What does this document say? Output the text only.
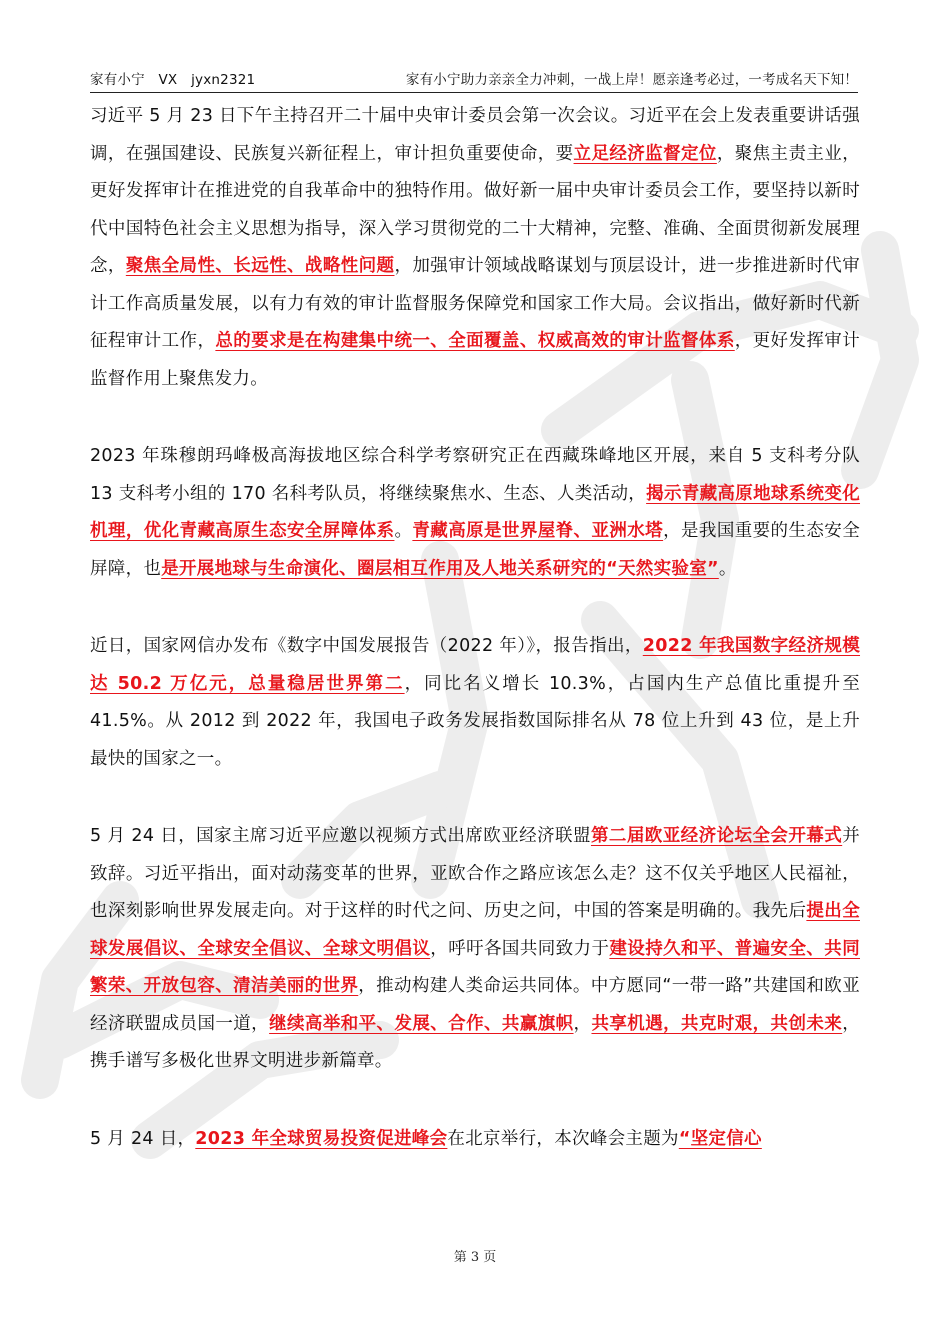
家有小宁　VX　jyxn2321	家有小宁助力亲亲全力冲刺，一战上岸！愿亲逢考必过，一考成名天下知！

习近平 5 月 23 日下午主持召开二十届中央审计委员会第一次会议。习近平在会上发表重要讲话强调，在强国建设、民族复兴新征程上，审计担负重要使命，要立足经济监督定位，聚焦主责主业，更好发挥审计在推进党的自我革命中的独特作用。做好新一届中央审计委员会工作，要坚持以新时代中国特色社会主义思想为指导，深入学习贯彻党的二十大精神，完整、准确、全面贯彻新发展理念，聚焦全局性、长远性、战略性问题，加强审计领域战略谋划与顶层设计，进一步推进新时代审计工作高质量发展，以有力有效的审计监督服务保障党和国家工作大局。会议指出，做好新时代新征程审计工作，总的要求是在构建集中统一、全面覆盖、权威高效的审计监督体系，更好发挥审计监督作用上聚焦发力。

2023 年珠穆朗玛峰极高海拔地区综合科学考察研究正在西藏珠峰地区开展，来自 5 支科考分队 13 支科考小组的 170 名科考队员，将继续聚焦水、生态、人类活动，揭示青藏高原地球系统变化机理，优化青藏高原生态安全屏障体系。青藏高原是世界屋脊、亚洲水塔，是我国重要的生态安全屏障，也是开展地球与生命演化、圈层相互作用及人地关系研究的“天然实验室”。

近日，国家网信办发布《数字中国发展报告（2022 年）》，报告指出，2022 年我国数字经济规模达 50.2 万亿元，总量稳居世界第二，同比名义增长 10.3%，占国内生产总值比重提升至 41.5%。从 2012 到 2022 年，我国电子政务发展指数国际排名从 78 位上升到 43 位，是上升最快的国家之一。

5 月 24 日，国家主席习近平应邀以视频方式出席欧亚经济联盟第二届欧亚经济论坛全会开幕式并致辞。习近平指出，面对动荡变革的世界，亚欧合作之路应该怎么走？这不仅关乎地区人民福祉，也深刻影响世界发展走向。对于这样的时代之问、历史之问，中国的答案是明确的。我先后提出全球发展倡议、全球安全倡议、全球文明倡议，呼吁各国共同致力于建设持久和平、普遍安全、共同繁荣、开放包容、清洁美丽的世界，推动构建人类命运共同体。中方愿同“一带一路”共建国和欧亚经济联盟成员国一道，继续高举和平、发展、合作、共赢旗帜，共享机遇，共克时艰，共创未来，携手谱写多极化世界文明进步新篇章。

5 月 24 日，2023 年全球贸易投资促进峰会在北京举行，本次峰会主题为“坚定信心

第 3 页
